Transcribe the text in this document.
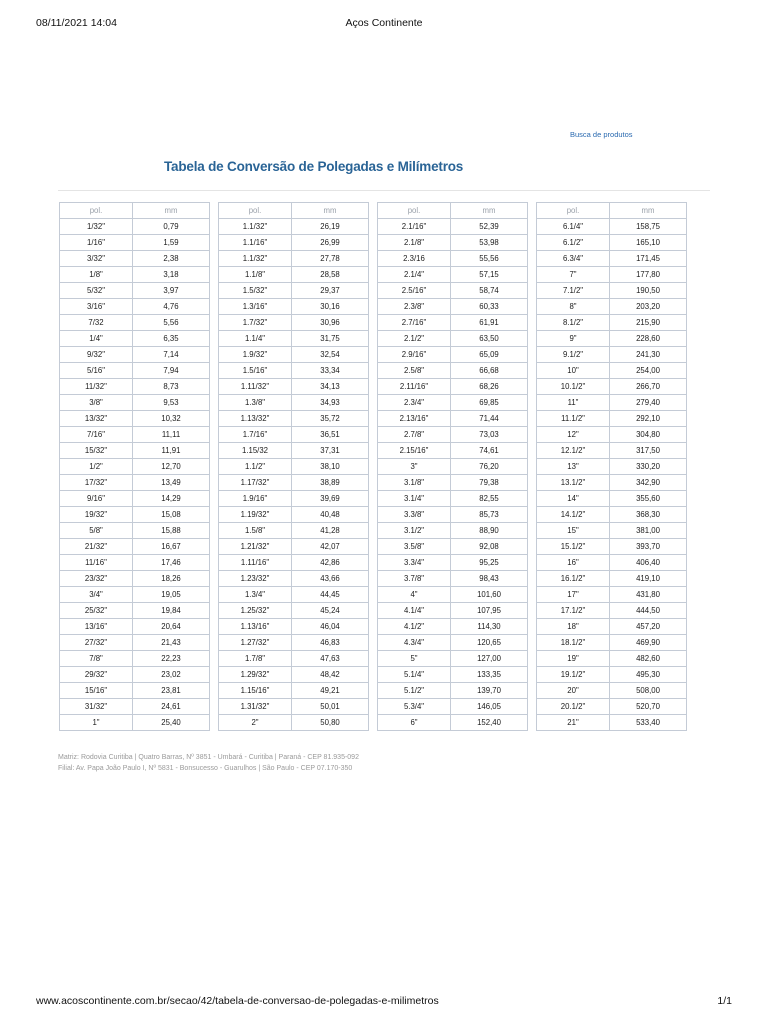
08/11/2021 14:04	Aços Continente
Busca de produtos
Tabela de Conversão de Polegadas e Milímetros
pol.	mm
1/32"	0,79
1/16"	1,59
3/32"	2,38
1/8"	3,18
5/32"	3,97
3/16"	4,76
7/32	5,56
1/4"	6,35
9/32"	7,14
5/16"	7,94
11/32"	8,73
3/8"	9,53
13/32"	10,32
7/16"	11,11
15/32"	11,91
1/2"	12,70
17/32"	13,49
9/16"	14,29
19/32"	15,08
5/8"	15,88
21/32"	16,67
11/16"	17,46
23/32"	18,26
3/4"	19,05
25/32"	19,84
13/16"	20,64
27/32"	21,43
7/8"	22,23
29/32"	23,02
15/16"	23,81
31/32"	24,61
1"	25,40
pol.	mm
1.1/32"	26,19
1.1/16"	26,99
1.1/32"	27,78
1.1/8"	28,58
1.5/32"	29,37
1.3/16"	30,16
1.7/32"	30,96
1.1/4"	31,75
1.9/32"	32,54
1.5/16"	33,34
1.11/32"	34,13
1.3/8"	34,93
1.13/32"	35,72
1.7/16"	36,51
1.15/32	37,31
1.1/2"	38,10
1.17/32"	38,89
1.9/16"	39,69
1.19/32"	40,48
1.5/8"	41,28
1.21/32"	42,07
1.11/16"	42,86
1.23/32"	43,66
1.3/4"	44,45
1.25/32"	45,24
1.13/16"	46,04
1.27/32"	46,83
1.7/8"	47,63
1.29/32"	48,42
1.15/16"	49,21
1.31/32"	50,01
2"	50,80
pol.	mm
2.1/16"	52,39
2.1/8"	53,98
2.3/16	55,56
2.1/4"	57,15
2.5/16"	58,74
2.3/8"	60,33
2.7/16"	61,91
2.1/2"	63,50
2.9/16"	65,09
2.5/8"	66,68
2.11/16"	68,26
2.3/4"	69,85
2.13/16"	71,44
2.7/8"	73,03
2.15/16"	74,61
3"	76,20
3.1/8"	79,38
3.1/4"	82,55
3.3/8"	85,73
3.1/2"	88,90
3.5/8"	92,08
3.3/4"	95,25
3.7/8"	98,43
4"	101,60
4.1/4"	107,95
4.1/2"	114,30
4.3/4"	120,65
5"	127,00
5.1/4"	133,35
5.1/2"	139,70
5.3/4"	146,05
6"	152,40
pol.	mm
6.1/4"	158,75
6.1/2"	165,10
6.3/4"	171,45
7"	177,80
7.1/2"	190,50
8"	203,20
8.1/2"	215,90
9"	228,60
9.1/2"	241,30
10"	254,00
10.1/2"	266,70
11"	279,40
11.1/2"	292,10
12"	304,80
12.1/2"	317,50
13"	330,20
13.1/2"	342,90
14"	355,60
14.1/2"	368,30
15"	381,00
15.1/2"	393,70
16"	406,40
16.1/2"	419,10
17"	431,80
17.1/2"	444,50
18"	457,20
18.1/2"	469,90
19"	482,60
19.1/2"	495,30
20"	508,00
20.1/2"	520,70
21"	533,40
Matriz: Rodovia Curitiba | Quatro Barras, Nº 3851 - Umbará - Curitiba | Paraná - CEP 81.935-092
Filial: Av. Papa João Paulo I, Nº 5831 - Bonsucesso - Guarulhos | São Paulo - CEP 07.170-350
www.acoscontinente.com.br/secao/42/tabela-de-conversao-de-polegadas-e-milimetros	1/1
